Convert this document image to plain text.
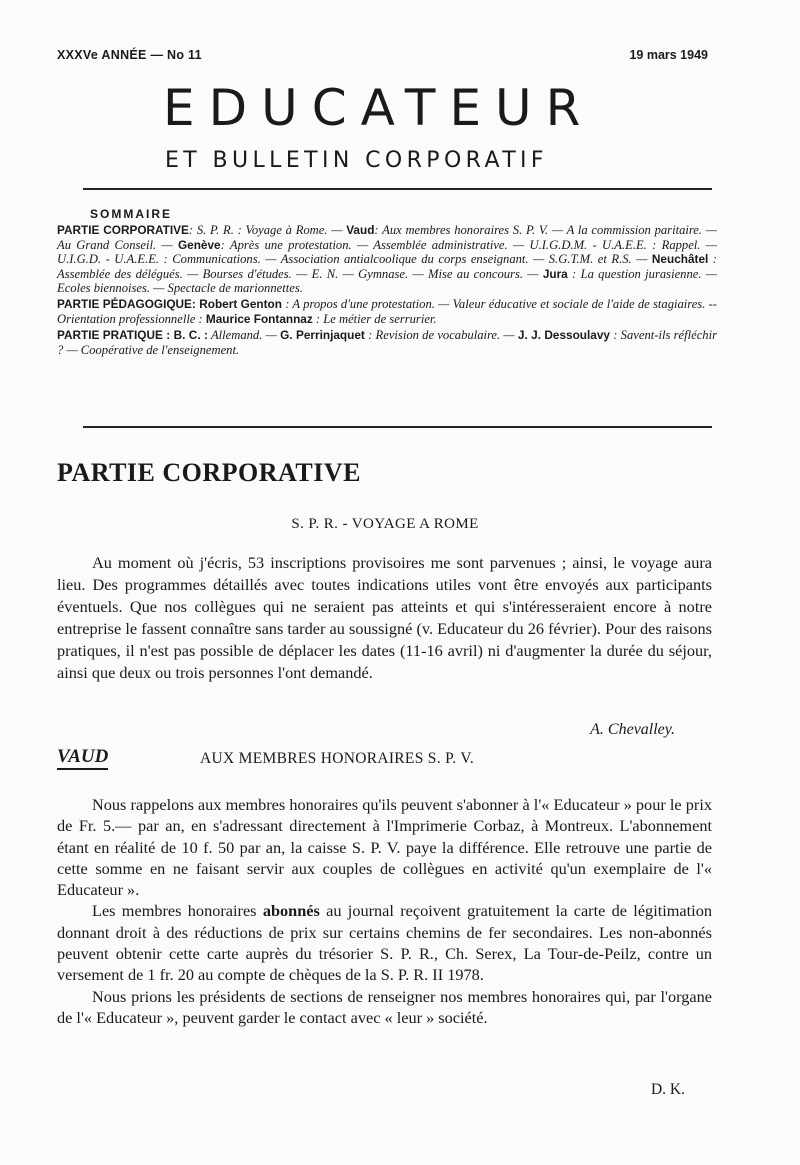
XXXVe ANNÉE — No 11	19 mars 1949
EDUCATEUR
ET BULLETIN CORPORATIF
SOMMAIRE

PARTIE CORPORATIVE: S. P. R. : Voyage à Rome. — Vaud: Aux membres honoraires S. P. V. — A la commission paritaire. — Au Grand Conseil. — Genève: Après une protestation. — Assemblée administrative. — U.I.G.D.M. - U.A.E.E. : Rappel. — U.I.G.D. - U.A.E.E. : Communications. — Association antialcoolique du corps enseignant. — S.G.T.M. et R.S. — Neuchâtel : Assemblée des délégués. — Bourses d'études. — E. N. — Gymnase. — Mise au concours. — Jura : La question jurasienne. — Ecoles biennoises. — Spectacle de marionnettes.

PARTIE PÉDAGOGIQUE: Robert Genton : A propos d'une protestation. — Valeur éducative et sociale de l'aide de stagiaires. -- Orientation professionnelle : Maurice Fontannaz : Le métier de serrurier.

PARTIE PRATIQUE : B. C. : Allemand. — G. Perrinjaquet : Revision de vocabulaire. — J. J. Dessoulavy : Savent-ils réfléchir ? — Coopérative de l'enseignement.

PARTIE CORPORATIVE
S. P. R. - VOYAGE A ROME

Au moment où j'écris, 53 inscriptions provisoires me sont parvenues ; ainsi, le voyage aura lieu. Des programmes détaillés avec toutes indications utiles vont être envoyés aux participants éventuels. Que nos collègues qui ne seraient pas atteints et qui s'intéresseraient encore à notre entreprise le fassent connaître sans tarder au soussigné (v. Educateur du 26 février). Pour des raisons pratiques, il n'est pas possible de déplacer les dates (11-16 avril) ni d'augmenter la durée du séjour, ainsi que deux ou trois personnes l'ont demandé.

A. Chevalley.
VAUD	AUX MEMBRES HONORAIRES S. P. V.

Nous rappelons aux membres honoraires qu'ils peuvent s'abonner à l'« Educateur » pour le prix de Fr. 5.— par an, en s'adressant directement à l'Imprimerie Corbaz, à Montreux. L'abonnement étant en réalité de 10 f. 50 par an, la caisse S. P. V. paye la différence. Elle retrouve une partie de cette somme en ne faisant servir aux couples de collègues en activité qu'un exemplaire de l'« Educateur ».

Les membres honoraires abonnés au journal reçoivent gratuitement la carte de légitimation donnant droit à des réductions de prix sur certains chemins de fer secondaires. Les non-abonnés peuvent obtenir cette carte auprès du trésorier S. P. R., Ch. Serex, La Tour-de-Peilz, contre un versement de 1 fr. 20 au compte de chèques de la S. P. R. II 1978.

Nous prions les présidents de sections de renseigner nos membres honoraires qui, par l'organe de l'« Educateur », peuvent garder le contact avec « leur » société.

D. K.
